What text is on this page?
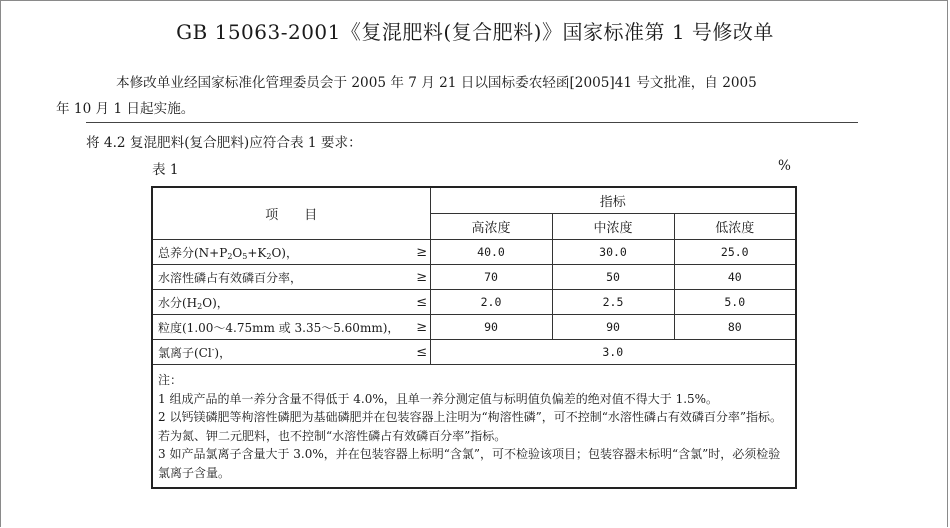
GB 15063-2001《复混肥料(复合肥料)》国家标准第 1 号修改单

本修改单业经国家标准化管理委员会于 2005 年 7 月 21 日以国标委农轻函[2005]41 号文批准，自 2005
年 10 月 1 日起实施。

将 4.2 复混肥料(复合肥料)应符合表 1 要求：
表 1	%
项　　目		指标		
		高浓度	中浓度	低浓度
总养分$(N+P_2O_5+K_2O)$，	≥	40.0	30.0	25.0
水溶性磷占有效磷百分率，	≥	70	50	40
水分$(H_2O)$，	≤	2.0	2.5	5.0
粒度(1.00～4.75mm 或 3.35～5.60mm)，	≥	90	90	80
氯离子(Cl-)，	≤	3.0		

注：
1 组成产品的单一养分含量不得低于 4.0%，且单一养分测定值与标明值负偏差的绝对值不得大于 1.5%。
2 以钙镁磷肥等枸溶性磷肥为基础磷肥并在包装容器上注明为“枸溶性磷”，可不控制“水溶性磷占有效磷百分率”指标。若为氮、钾二元肥料，也不控制“水溶性磷占有效磷百分率”指标。
3 如产品氯离子含量大于 3.0%，并在包装容器上标明“含氯”，可不检验该项目；包装容器未标明“含氯”时，必须检验氯离子含量。				
